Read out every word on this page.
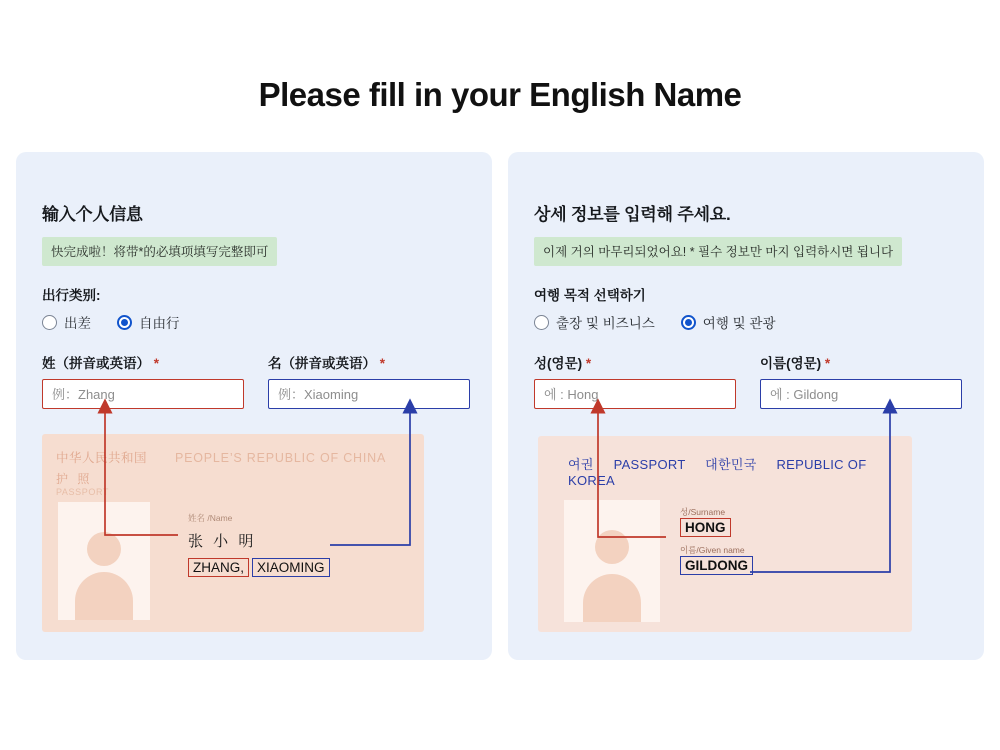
Please fill in your English Name
输入个人信息
快完成啦！将带*的必填项填写完整即可
出行类别:
出差	自由行
姓（拼音或英语） *
例：Zhang
名（拼音或英语） *
例：Xiaoming
中华人民共和国 PEOPLE’S REPUBLIC OF CHINA
护 照
PASSPORT
姓名 /Name
张 小 明
ZHANG, XIAOMING
상세 정보를 입력해 주세요.
이제 거의 마무리되었어요! * 필수 정보만 마지 입력하시면 됩니다
여행 목적 선택하기
출장 및 비즈니스	여행 및 관광
성(영문) *
에 : Hong
이름(영문) *
에 : Gildong
여권 PASSPORT 대한민국 REPUBLIC OF KOREA
성/Surname
HONG
이름/Given name
GILDONG
